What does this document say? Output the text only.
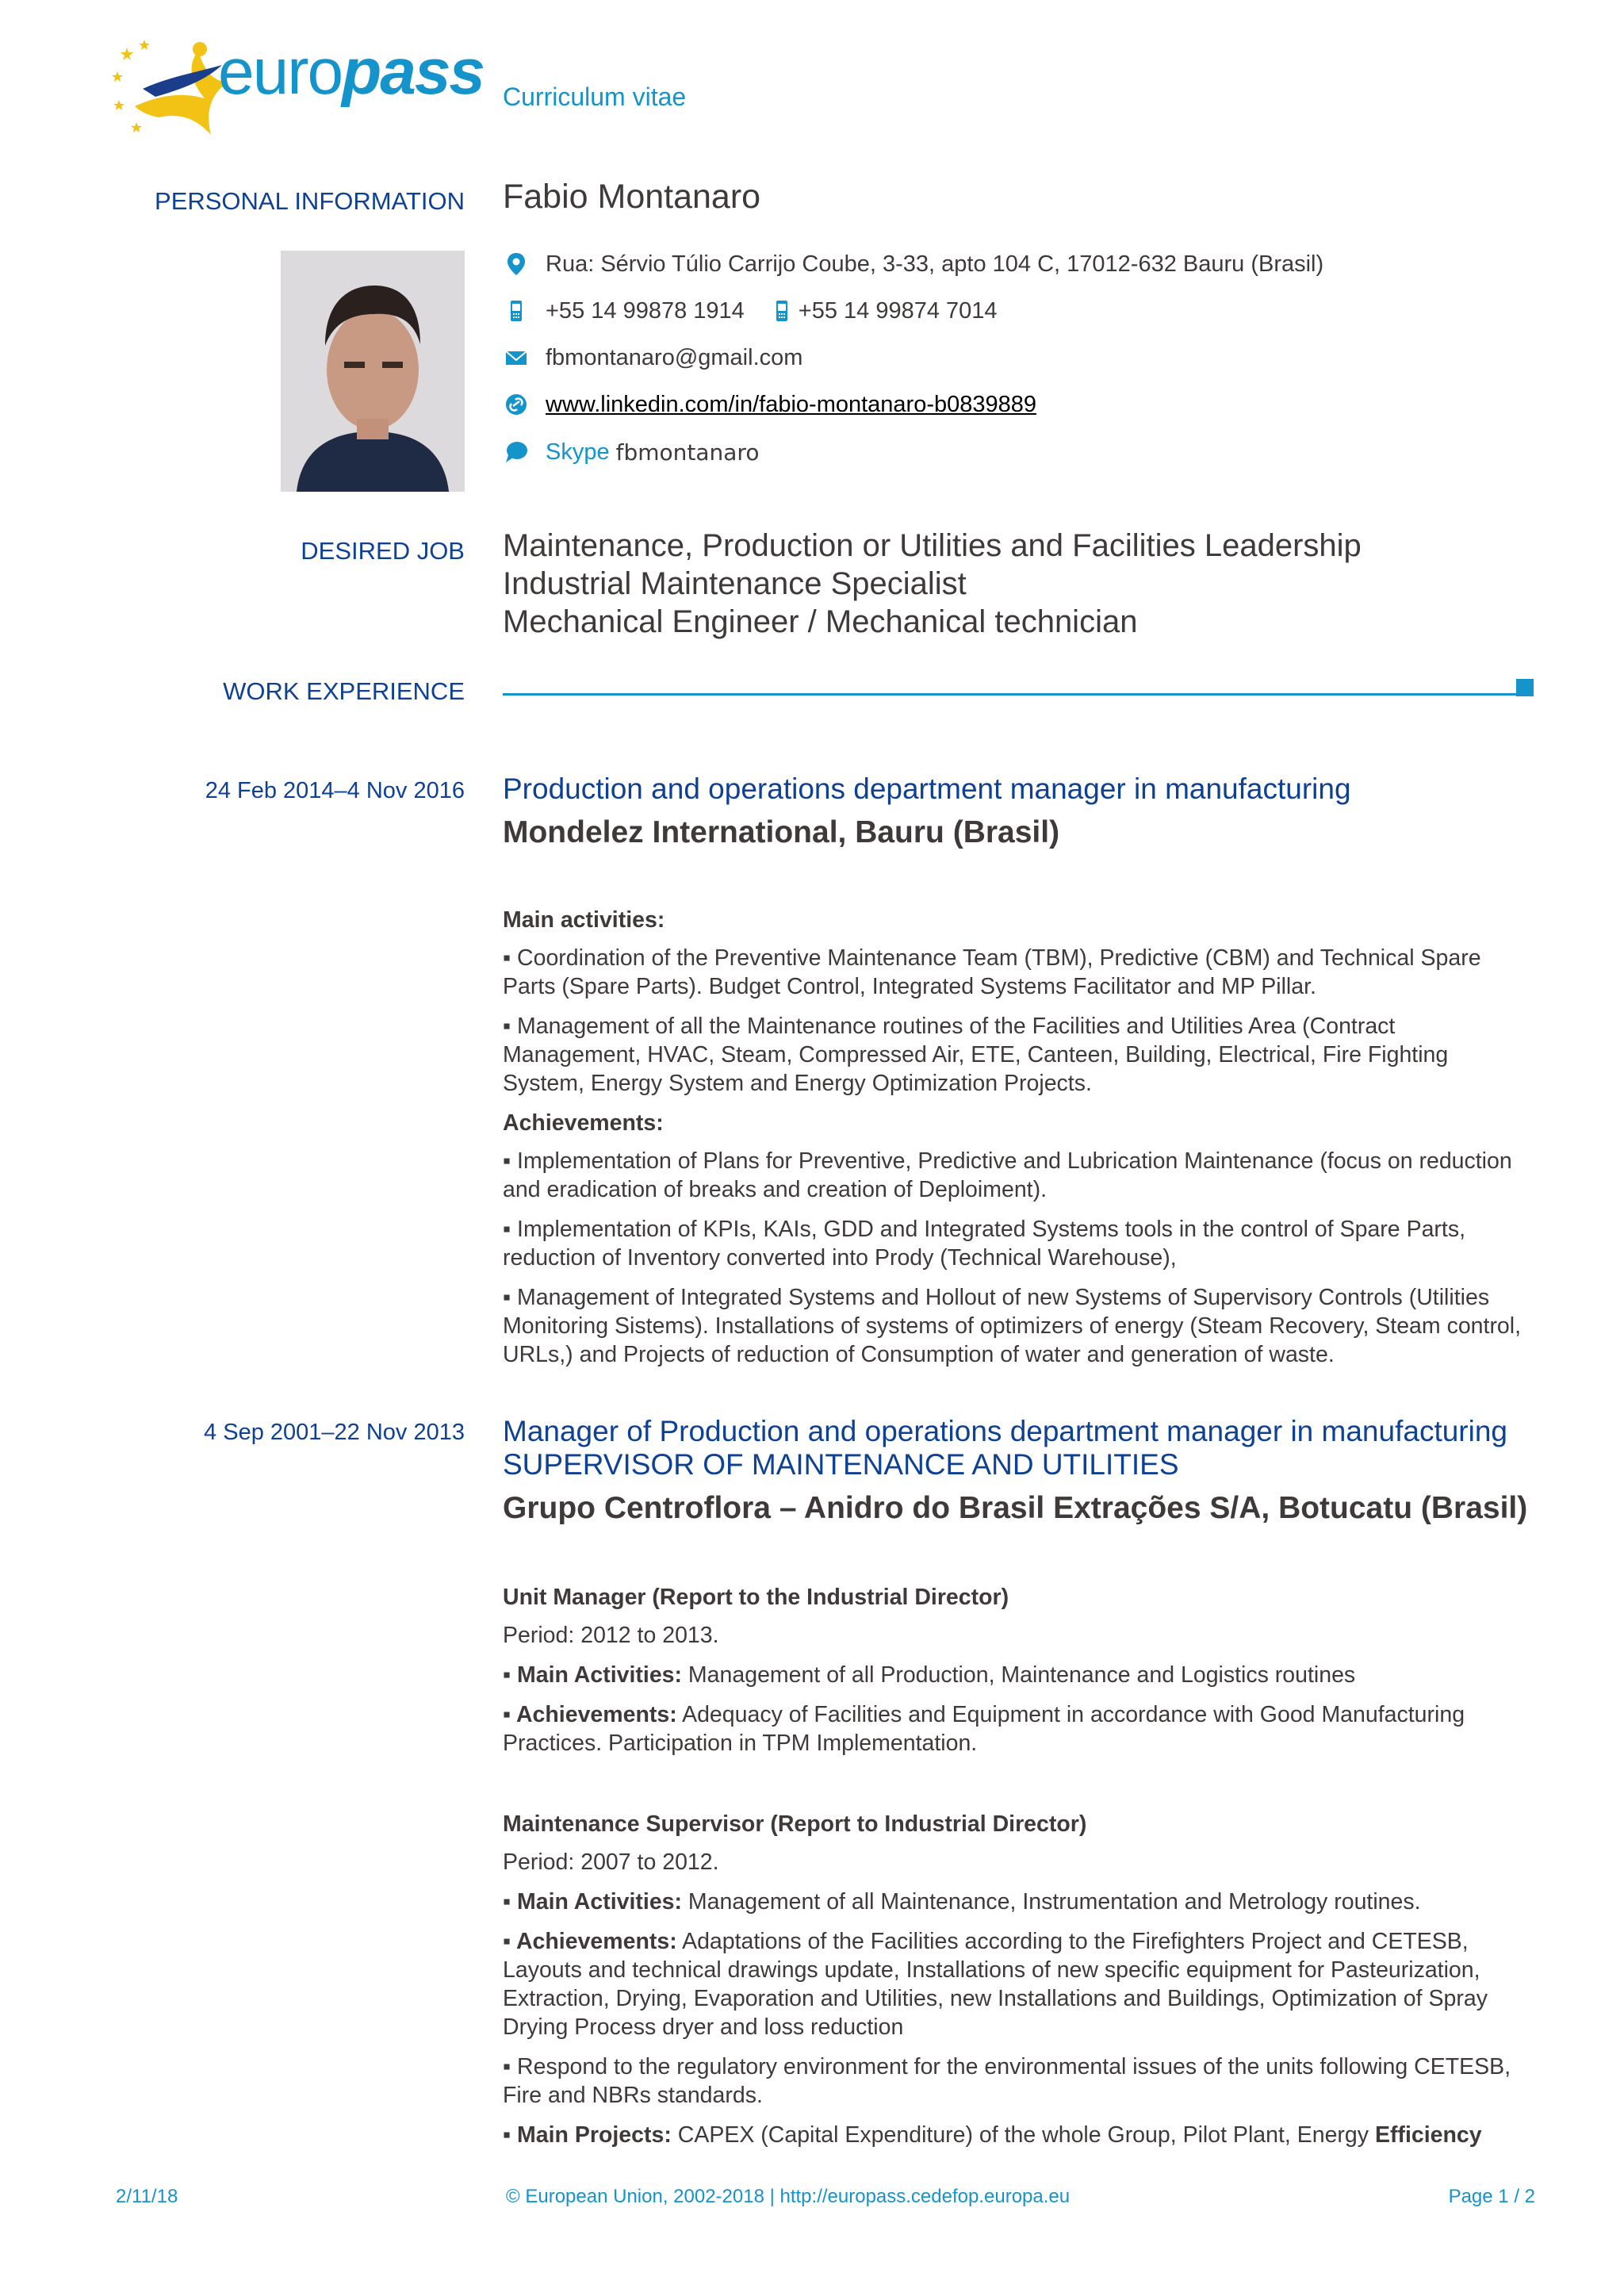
europass Curriculum vitae
PERSONAL INFORMATION Fabio Montanaro
Rua: Sérvio Túlio Carrijo Coube, 3-33, apto 104 C, 17012-632 Bauru (Brasil)
+55 14 99878 1914 +55 14 99874 7014
fbmontanaro@gmail.com
www.linkedin.com/in/fabio-montanaro-b0839889
Skype fbmontanaro
DESIRED JOB Maintenance, Production or Utilities and Facilities Leadership
Industrial Maintenance Specialist
Mechanical Engineer / Mechanical technician
WORK EXPERIENCE
24 Feb 2014–4 Nov 2016 Production and operations department manager in manufacturing
Mondelez International, Bauru (Brasil)

Main activities:

▪ Coordination of the Preventive Maintenance Team (TBM), Predictive (CBM) and Technical Spare Parts (Spare Parts). Budget Control, Integrated Systems Facilitator and MP Pillar.

▪ Management of all the Maintenance routines of the Facilities and Utilities Area (Contract Management, HVAC, Steam, Compressed Air, ETE, Canteen, Building, Electrical, Fire Fighting System, Energy System and Energy Optimization Projects.

Achievements:

▪ Implementation of Plans for Preventive, Predictive and Lubrication Maintenance (focus on reduction and eradication of breaks and creation of Deploiment).

▪ Implementation of KPIs, KAIs, GDD and Integrated Systems tools in the control of Spare Parts, reduction of Inventory converted into Prody (Technical Warehouse),

▪ Management of Integrated Systems and Hollout of new Systems of Supervisory Controls (Utilities Monitoring Sistems). Installations of systems of optimizers of energy (Steam Recovery, Steam control, URLs,) and Projects of reduction of Consumption of water and generation of waste.

4 Sep 2001–22 Nov 2013 Manager of Production and operations department manager in manufacturing
SUPERVISOR OF MAINTENANCE AND UTILITIES
Grupo Centroflora – Anidro do Brasil Extrações S/A, Botucatu (Brasil)

Unit Manager (Report to the Industrial Director)

Period: 2012 to 2013.

▪ Main Activities: Management of all Production, Maintenance and Logistics routines

▪ Achievements: Adequacy of Facilities and Equipment in accordance with Good Manufacturing Practices. Participation in TPM Implementation.

Maintenance Supervisor (Report to Industrial Director)

Period: 2007 to 2012.

▪ Main Activities: Management of all Maintenance, Instrumentation and Metrology routines.

▪ Achievements: Adaptations of the Facilities according to the Firefighters Project and CETESB, Layouts and technical drawings update, Installations of new specific equipment for Pasteurization, Extraction, Drying, Evaporation and Utilities, new Installations and Buildings, Optimization of Spray Drying Process dryer and loss reduction

▪ Respond to the regulatory environment for the environmental issues of the units following CETESB, Fire and NBRs standards.

▪ Main Projects: CAPEX (Capital Expenditure) of the whole Group, Pilot Plant, Energy Efficiency

2/11/18	© European Union, 2002-2018 | http://europass.cedefop.europa.eu	Page 1 / 2
